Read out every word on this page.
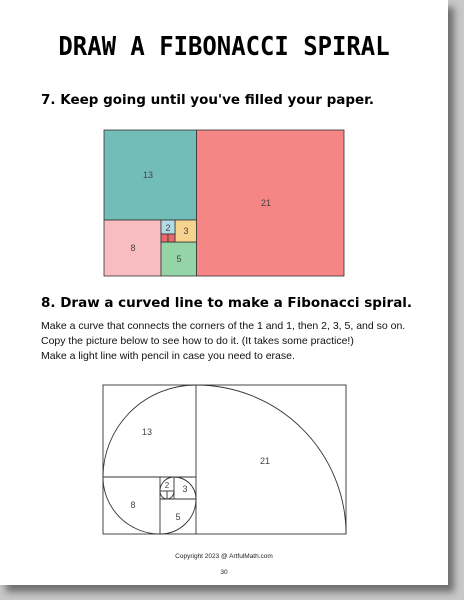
DRAW A FIBONACCI SPIRAL
7. Keep going until you've filled your paper.
13
21
8
5
3
2
8. Draw a curved line to make a Fibonacci spiral.
Make a curve that connects the corners of the 1 and 1, then 2, 3, 5, and so on.
Copy the picture below to see how to do it. (It takes some practice!)
Make a light line with pencil in case you need to erase.
13
21
8
5
3
2
Copyright 2023 @ ArtfulMath.com
30
